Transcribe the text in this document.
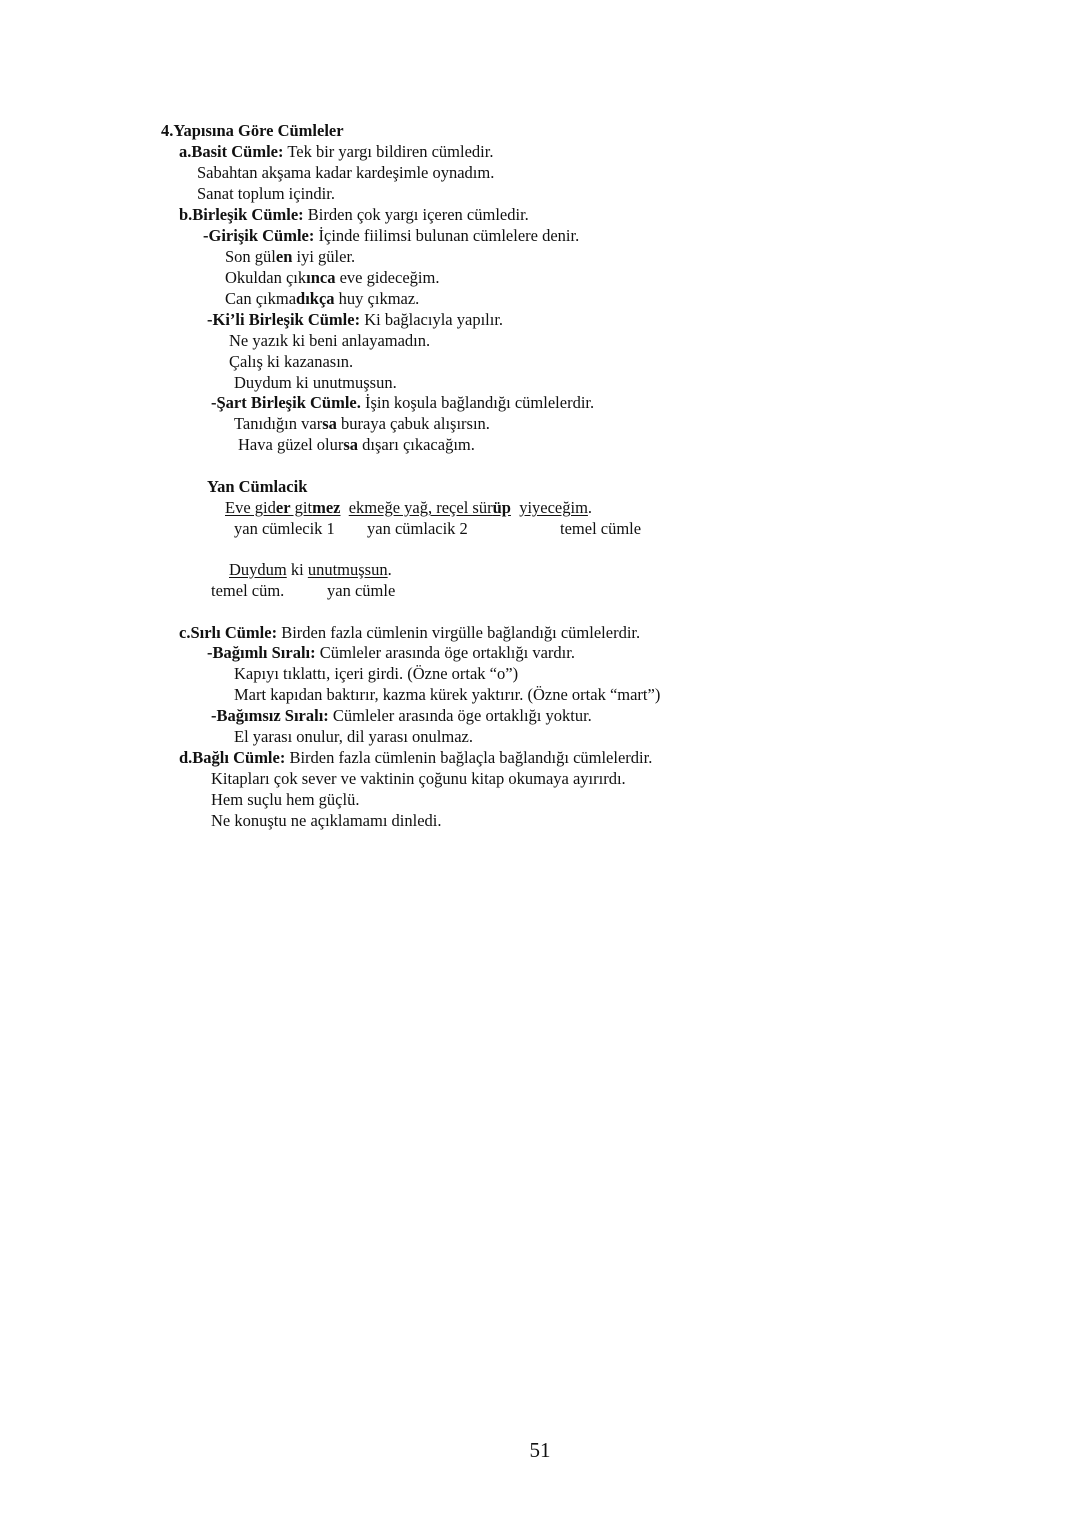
4.Yapısına Göre Cümleler
a.Basit Cümle: Tek bir yargı bildiren cümledir.
Sabahtan akşama kadar kardeşimle oynadım.
Sanat toplum içindir.
b.Birleşik Cümle: Birden çok yargı içeren cümledir.
-Girişik Cümle: İçinde fiilimsi bulunan cümlelere denir.
Son gülen iyi güler.
Okuldan çıkınca eve gideceğim.
Can çıkmadıkça huy çıkmaz.
-Ki’li Birleşik Cümle: Ki bağlacıyla yapılır.
Ne yazık ki beni anlayamadın.
Çalış ki kazanasın.
Duydum ki unutmuşsun.
-Şart Birleşik Cümle. İşin koşula bağlandığı cümlelerdir.
Tanıdığın varsa buraya çabuk alışırsın.
Hava güzel olursa dışarı çıkacağım.
Yan Cümlacik
Eve gider gitmez ekmeğe yağ, reçel sürüp yiyeceğim.
yan cümlecik 1 yan cümlacik 2	temel cümle
Duydum ki unutmuşsun.
temel cüm.	yan cümle
c.Sırlı Cümle: Birden fazla cümlenin virgülle bağlandığı cümlelerdir.
-Bağımlı Sıralı: Cümleler arasında öge ortaklığı vardır.
Kapıyı tıklattı, içeri girdi. (Özne ortak “o”)
Mart kapıdan baktırır, kazma kürek yaktırır. (Özne ortak “mart”)
-Bağımsız Sıralı: Cümleler arasında öge ortaklığı yoktur.
El yarası onulur, dil yarası onulmaz.
d.Bağlı Cümle: Birden fazla cümlenin bağlaçla bağlandığı cümlelerdir.
Kitapları çok sever ve vaktinin çoğunu kitap okumaya ayırırdı.
Hem suçlu hem güçlü.
Ne konuştu ne açıklamamı dinledi.
51
